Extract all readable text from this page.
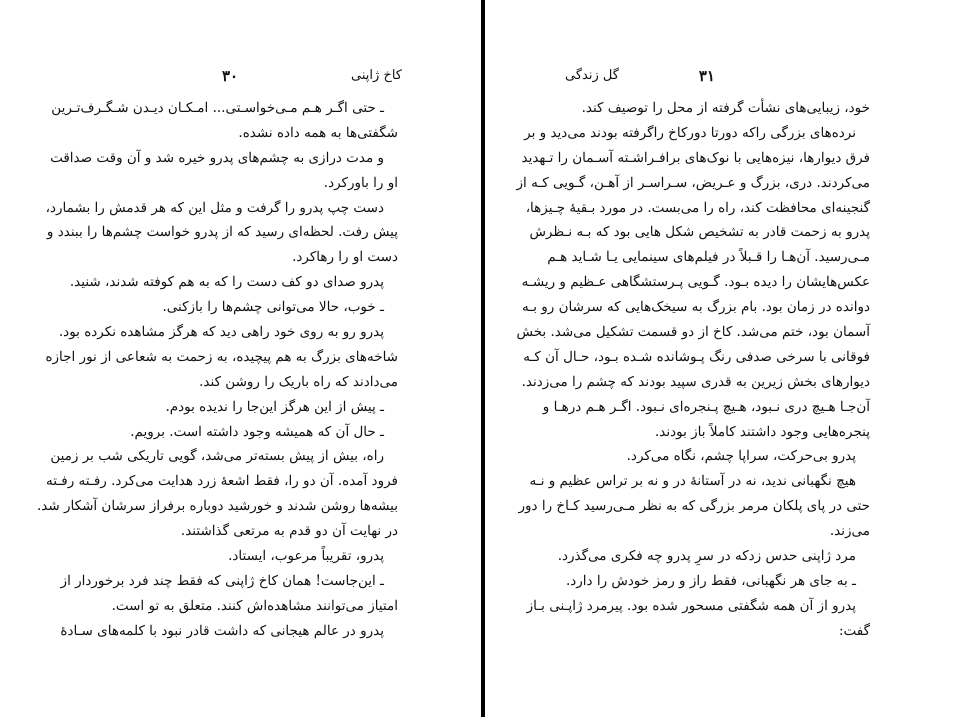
۳۰	کاخ ژاپنی
ـ حتی اگـر هـم مـی‌خواسـتی... امـکـان دیـدن شـگـرف‌تـرین
شگفتی‌ها به همه داده نشده.
و مدت درازی به چشم‌های پدرو خیره شد و آن وقت صداقت
او را باورکرد.
دست چپ پدرو را گرفت و مثل این که هر قدمش را بشمارد،
پیش رفت. لحظه‌ای رسید که از پدرو خواست چشم‌ها را ببندد و
دست او را رهاکرد.
پدرو صدای دو کف دست را که به هم کوفته شدند، شنید.
ـ خوب، حالا می‌توانی چشم‌ها را بازکنی.
پدرو رو به روی خود راهی دید که هرگز مشاهده نکرده بود.
شاخه‌های بزرگ به هم پیچیده، به زحمت به شعاعی از نور اجازه
می‌دادند که راه باریک را روشن کند.
ـ پیش از این هرگز این‌جا را ندیده بودم.
ـ حال آن که همیشه وجود داشته است. برویم.
راه، بیش از پیش بسته‌تر می‌شد، گویی تاریکی شب بر زمین
فرود آمده. آن دو را، فقط اشعهٔ زرد هدایت می‌کرد. رفـته رفـته
بیشه‌ها روشن شدند و خورشید دوباره برفراز سرشان آشکار شد.
در نهایت آن دو قدم به مرتعی گذاشتند.
پدرو، تقریباً مرعوب، ایستاد.
ـ این‌جاست! همان کاخ ژاپنی که فقط چند فرد برخوردار از
امتیاز می‌توانند مشاهده‌اش کنند. متعلق به تو است.
پدرو در عالم هیجانی که داشت قادر نبود با کلمه‌های سـادهٔ
۳۱
گل زندگی
خود، زیبایی‌های نشأت گرفته از محل را توصیف کند.
نرده‌های بزرگی راکه دورتا دورکاخ راگرفته بودند می‌دید و بر
فرق دیوارها، نیزه‌هایی با نوک‌های برافـراشـته آسـمان را تـهدید
می‌کردند. دری، بزرگ و عـریض، سـراسـر از آهـن، گـویی کـه از
گنجینه‌ای محافظت کند، راه را می‌بست. در مورد بـقیهٔ چـیزها،
پدرو به زحمت قادر به تشخیص شکل هایی بود که بـه نـظرش
مـی‌رسید. آن‌هـا را قـبلاً در فیلم‌های سینمایی یـا شـاید هـم
عکس‌هایشان را دیده بـود. گـویی پـرستشگاهی عـظیم و ریشـه
دوانده در زمان بود. بام بزرگ به سیخک‌هایی که سرشان رو بـه
آسمان بود، ختم می‌شد. کاخ از دو قسمت تشکیل می‌شد. بخش
فوقانی با سرخی صدفی رنگ پـوشانده شـده بـود، حـال آن کـه
دیوارهای بخش زیرین به قدری سپید بودند که چشم را می‌زدند.
آن‌جـا هـیچ دری نـبود، هـیچ پـنجره‌ای نـبود. اگـر هـم درهـا و
پنجره‌هایی وجود داشتند کاملاً باز بودند.
پدرو بی‌حرکت، سراپا چشم، نگاه می‌کرد.
هیچ نگهبانی ندید، نه در آستانهٔ در و نه بر تراس عظیم و نـه
حتی در پای پلکان مرمر بزرگی که به نظر مـی‌رسید کـاخ را دور
می‌زند.
مرد ژاپنی حدس زدکه در سرِ پدرو چه فکری می‌گذرد.
ـ به جای هر نگهبانی، فقط راز و رمز خودش را دارد.
پدرو از آن همه شگفتی مسحور شده بود. پیرمرد ژاپـنی بـاز
گفت:
